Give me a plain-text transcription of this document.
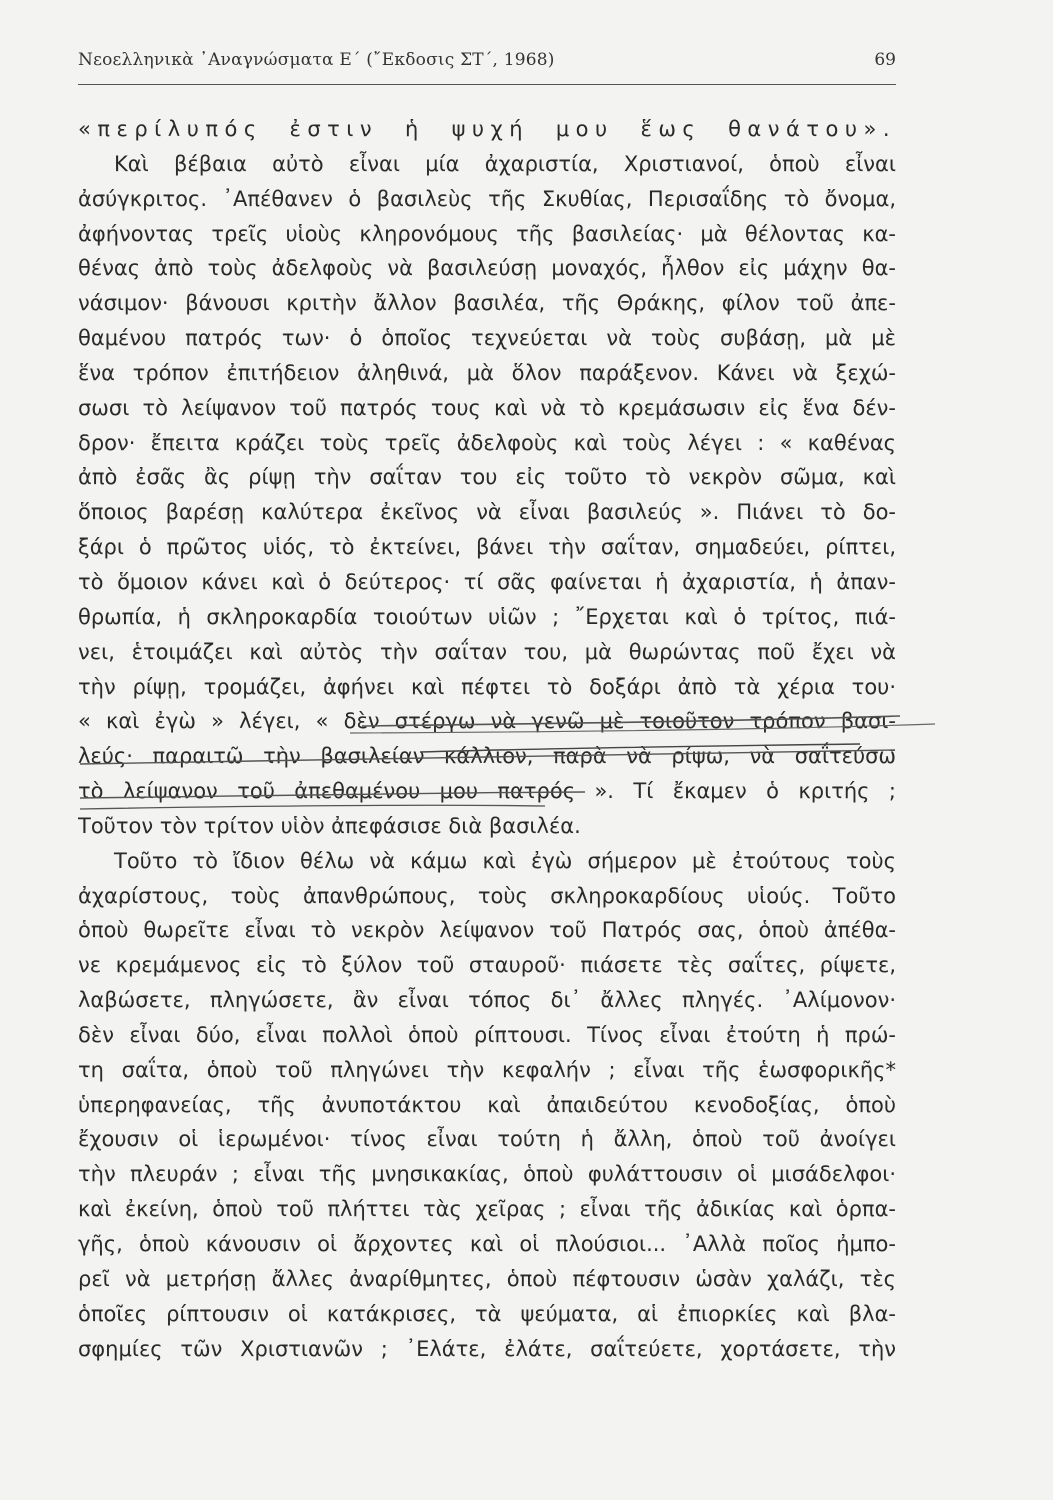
Νεοελληνικὰ ᾽Αναγνώσματα Ε΄ (῎Εκδοσις ΣΤ΄, 1968)	69
«περίλυπός ἐστιν ἡ ψυχή μου ἕως θανάτου».
Καὶ βέβαια αὐτὸ εἶναι μία ἀχαριστία, Χριστιανοί, ὁποὺ εἶναι
ἀσύγκριτος. ᾽Απέθανεν ὁ βασιλεὺς τῆς Σκυθίας, Περισαΐδης τὸ ὄνομα,
ἀφήνοντας τρεῖς υἱοὺς κληρονόμους τῆς βασιλείας· μὰ θέλοντας κα-
θένας ἀπὸ τοὺς ἀδελφοὺς νὰ βασιλεύσῃ μοναχός, ἦλθον εἰς μάχην θα-
νάσιμον· βάνουσι κριτὴν ἄλλον βασιλέα, τῆς Θράκης, φίλον τοῦ ἀπε-
θαμένου πατρός των· ὁ ὁποῖος τεχνεύεται νὰ τοὺς συβάσῃ, μὰ μὲ
ἕνα τρόπον ἐπιτήδειον ἀληθινά, μὰ ὅλον παράξενον. Κάνει νὰ ξεχώ-
σωσι τὸ λείψανον τοῦ πατρός τους καὶ νὰ τὸ κρεμάσωσιν εἰς ἕνα δέν-
δρον· ἔπειτα κράζει τοὺς τρεῖς ἀδελφοὺς καὶ τοὺς λέγει : « καθένας
ἀπὸ ἐσᾶς ἂς ρίψῃ τὴν σαΐταν του εἰς τοῦτο τὸ νεκρὸν σῶμα, καὶ
ὅποιος βαρέσῃ καλύτερα ἐκεῖνος νὰ εἶναι βασιλεύς ». Πιάνει τὸ δο-
ξάρι ὁ πρῶτος υἱός, τὸ ἐκτείνει, βάνει τὴν σαΐταν, σημαδεύει, ρίπτει,
τὸ ὅμοιον κάνει καὶ ὁ δεύτερος· τί σᾶς φαίνεται ἡ ἀχαριστία, ἡ ἀπαν-
θρωπία, ἡ σκληροκαρδία τοιούτων υἱῶν ; ῎Ερχεται καὶ ὁ τρίτος, πιά-
νει, ἑτοιμάζει καὶ αὐτὸς τὴν σαΐταν του, μὰ θωρώντας ποῦ ἔχει νὰ
τὴν ρίψῃ, τρομάζει, ἀφήνει καὶ πέφτει τὸ δοξάρι ἀπὸ τὰ χέρια του·
« καὶ ἐγὼ » λέγει, « δὲν στέργω νὰ γενῶ μὲ τοιοῦτον τρόπον βασι-
λεύς· παραιτῶ τὴν βασιλείαν κάλλιον, παρὰ νὰ ρίψω, νὰ σαΐτεύσω
τὸ λείψανον τοῦ ἀπεθαμένου μου πατρός ». Τί ἔκαμεν ὁ κριτής ;
Τοῦτον τὸν τρίτον υἱὸν ἀπεφάσισε διὰ βασιλέα.
Τοῦτο τὸ ἴδιον θέλω νὰ κάμω καὶ ἐγὼ σήμερον μὲ ἐτούτους τοὺς
ἀχαρίστους, τοὺς ἀπανθρώπους, τοὺς σκληροκαρδίους υἱούς. Τοῦτο
ὁποὺ θωρεῖτε εἶναι τὸ νεκρὸν λείψανον τοῦ Πατρός σας, ὁποὺ ἀπέθα-
νε κρεμάμενος εἰς τὸ ξύλον τοῦ σταυροῦ· πιάσετε τὲς σαΐτες, ρίψετε,
λαβώσετε, πληγώσετε, ἂν εἶναι τόπος δι᾽ ἄλλες πληγές. ᾽Αλίμονον·
δὲν εἶναι δύο, εἶναι πολλοὶ ὁποὺ ρίπτουσι. Τίνος εἶναι ἐτούτη ἡ πρώ-
τη σαΐτα, ὁποὺ τοῦ πληγώνει τὴν κεφαλήν ; εἶναι τῆς ἑωσφορικῆς*
ὑπερηφανείας, τῆς ἀνυποτάκτου καὶ ἀπαιδεύτου κενοδοξίας, ὁποὺ
ἔχουσιν οἱ ἱερωμένοι· τίνος εἶναι τούτη ἡ ἄλλη, ὁποὺ τοῦ ἀνοίγει
τὴν πλευράν ; εἶναι τῆς μνησικακίας, ὁποὺ φυλάττουσιν οἱ μισάδελφοι·
καὶ ἐκείνη, ὁποὺ τοῦ πλήττει τὰς χεῖρας ; εἶναι τῆς ἀδικίας καὶ ὁρπα-
γῆς, ὁποὺ κάνουσιν οἱ ἄρχοντες καὶ οἱ πλούσιοι... ᾽Αλλὰ ποῖος ἠμπο-
ρεῖ νὰ μετρήσῃ ἄλλες ἀναρίθμητες, ὁποὺ πέφτουσιν ὡσὰν χαλάζι, τὲς
ὁποῖες ρίπτουσιν οἱ κατάκρισες, τὰ ψεύματα, αἱ ἐπιορκίες καὶ βλα-
σφημίες τῶν Χριστιανῶν ; ᾽Ελάτε, ἐλάτε, σαΐτεύετε, χορτάσετε, τὴν
